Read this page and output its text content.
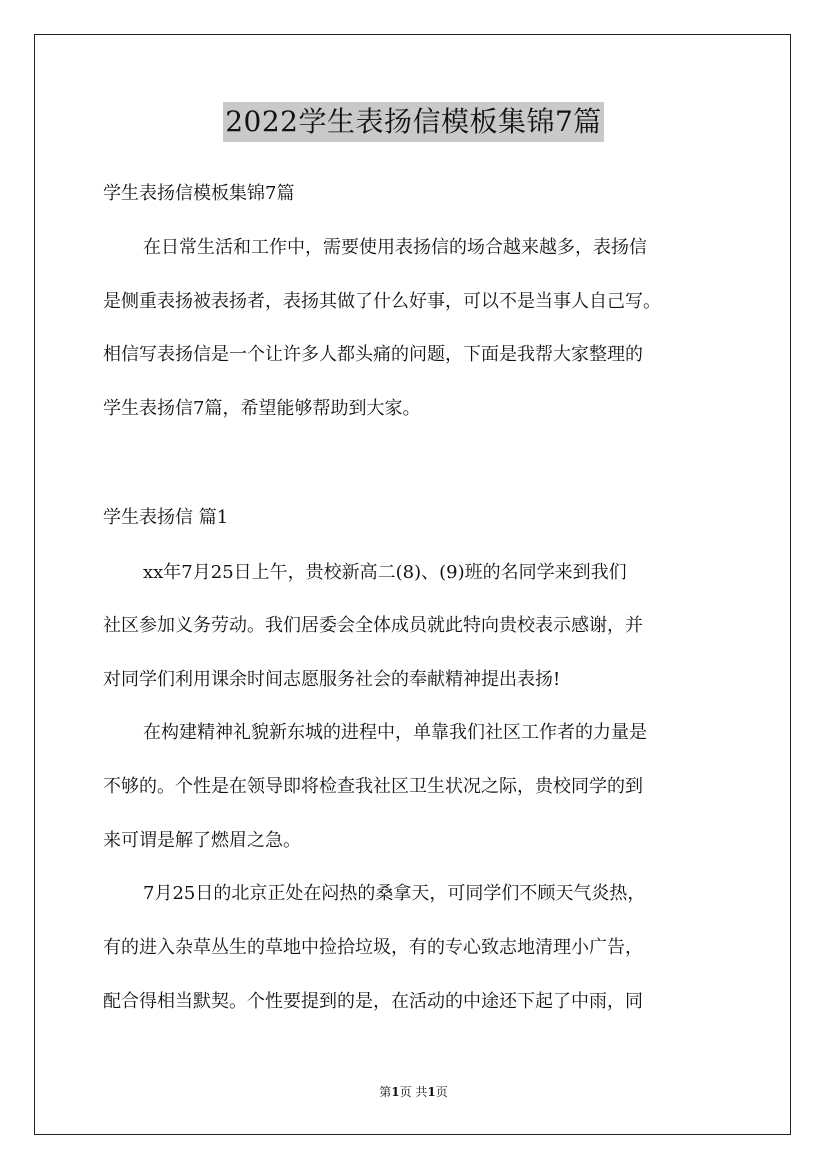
2022学生表扬信模板集锦7篇
学生表扬信模板集锦7篇
在日常生活和工作中，需要使用表扬信的场合越来越多，表扬信
是侧重表扬被表扬者，表扬其做了什么好事，可以不是当事人自己写。
相信写表扬信是一个让许多人都头痛的问题，下面是我帮大家整理的
学生表扬信7篇，希望能够帮助到大家。
学生表扬信 篇1
xx年7月25日上午，贵校新高二(8)、(9)班的名同学来到我们
社区参加义务劳动。我们居委会全体成员就此特向贵校表示感谢，并
对同学们利用课余时间志愿服务社会的奉献精神提出表扬!
在构建精神礼貌新东城的进程中，单靠我们社区工作者的力量是
不够的。个性是在领导即将检查我社区卫生状况之际，贵校同学的到
来可谓是解了燃眉之急。
7月25日的北京正处在闷热的桑拿天，可同学们不顾天气炎热，
有的进入杂草丛生的草地中捡拾垃圾，有的专心致志地清理小广告，
配合得相当默契。个性要提到的是，在活动的中途还下起了中雨，同
第1页 共1页
